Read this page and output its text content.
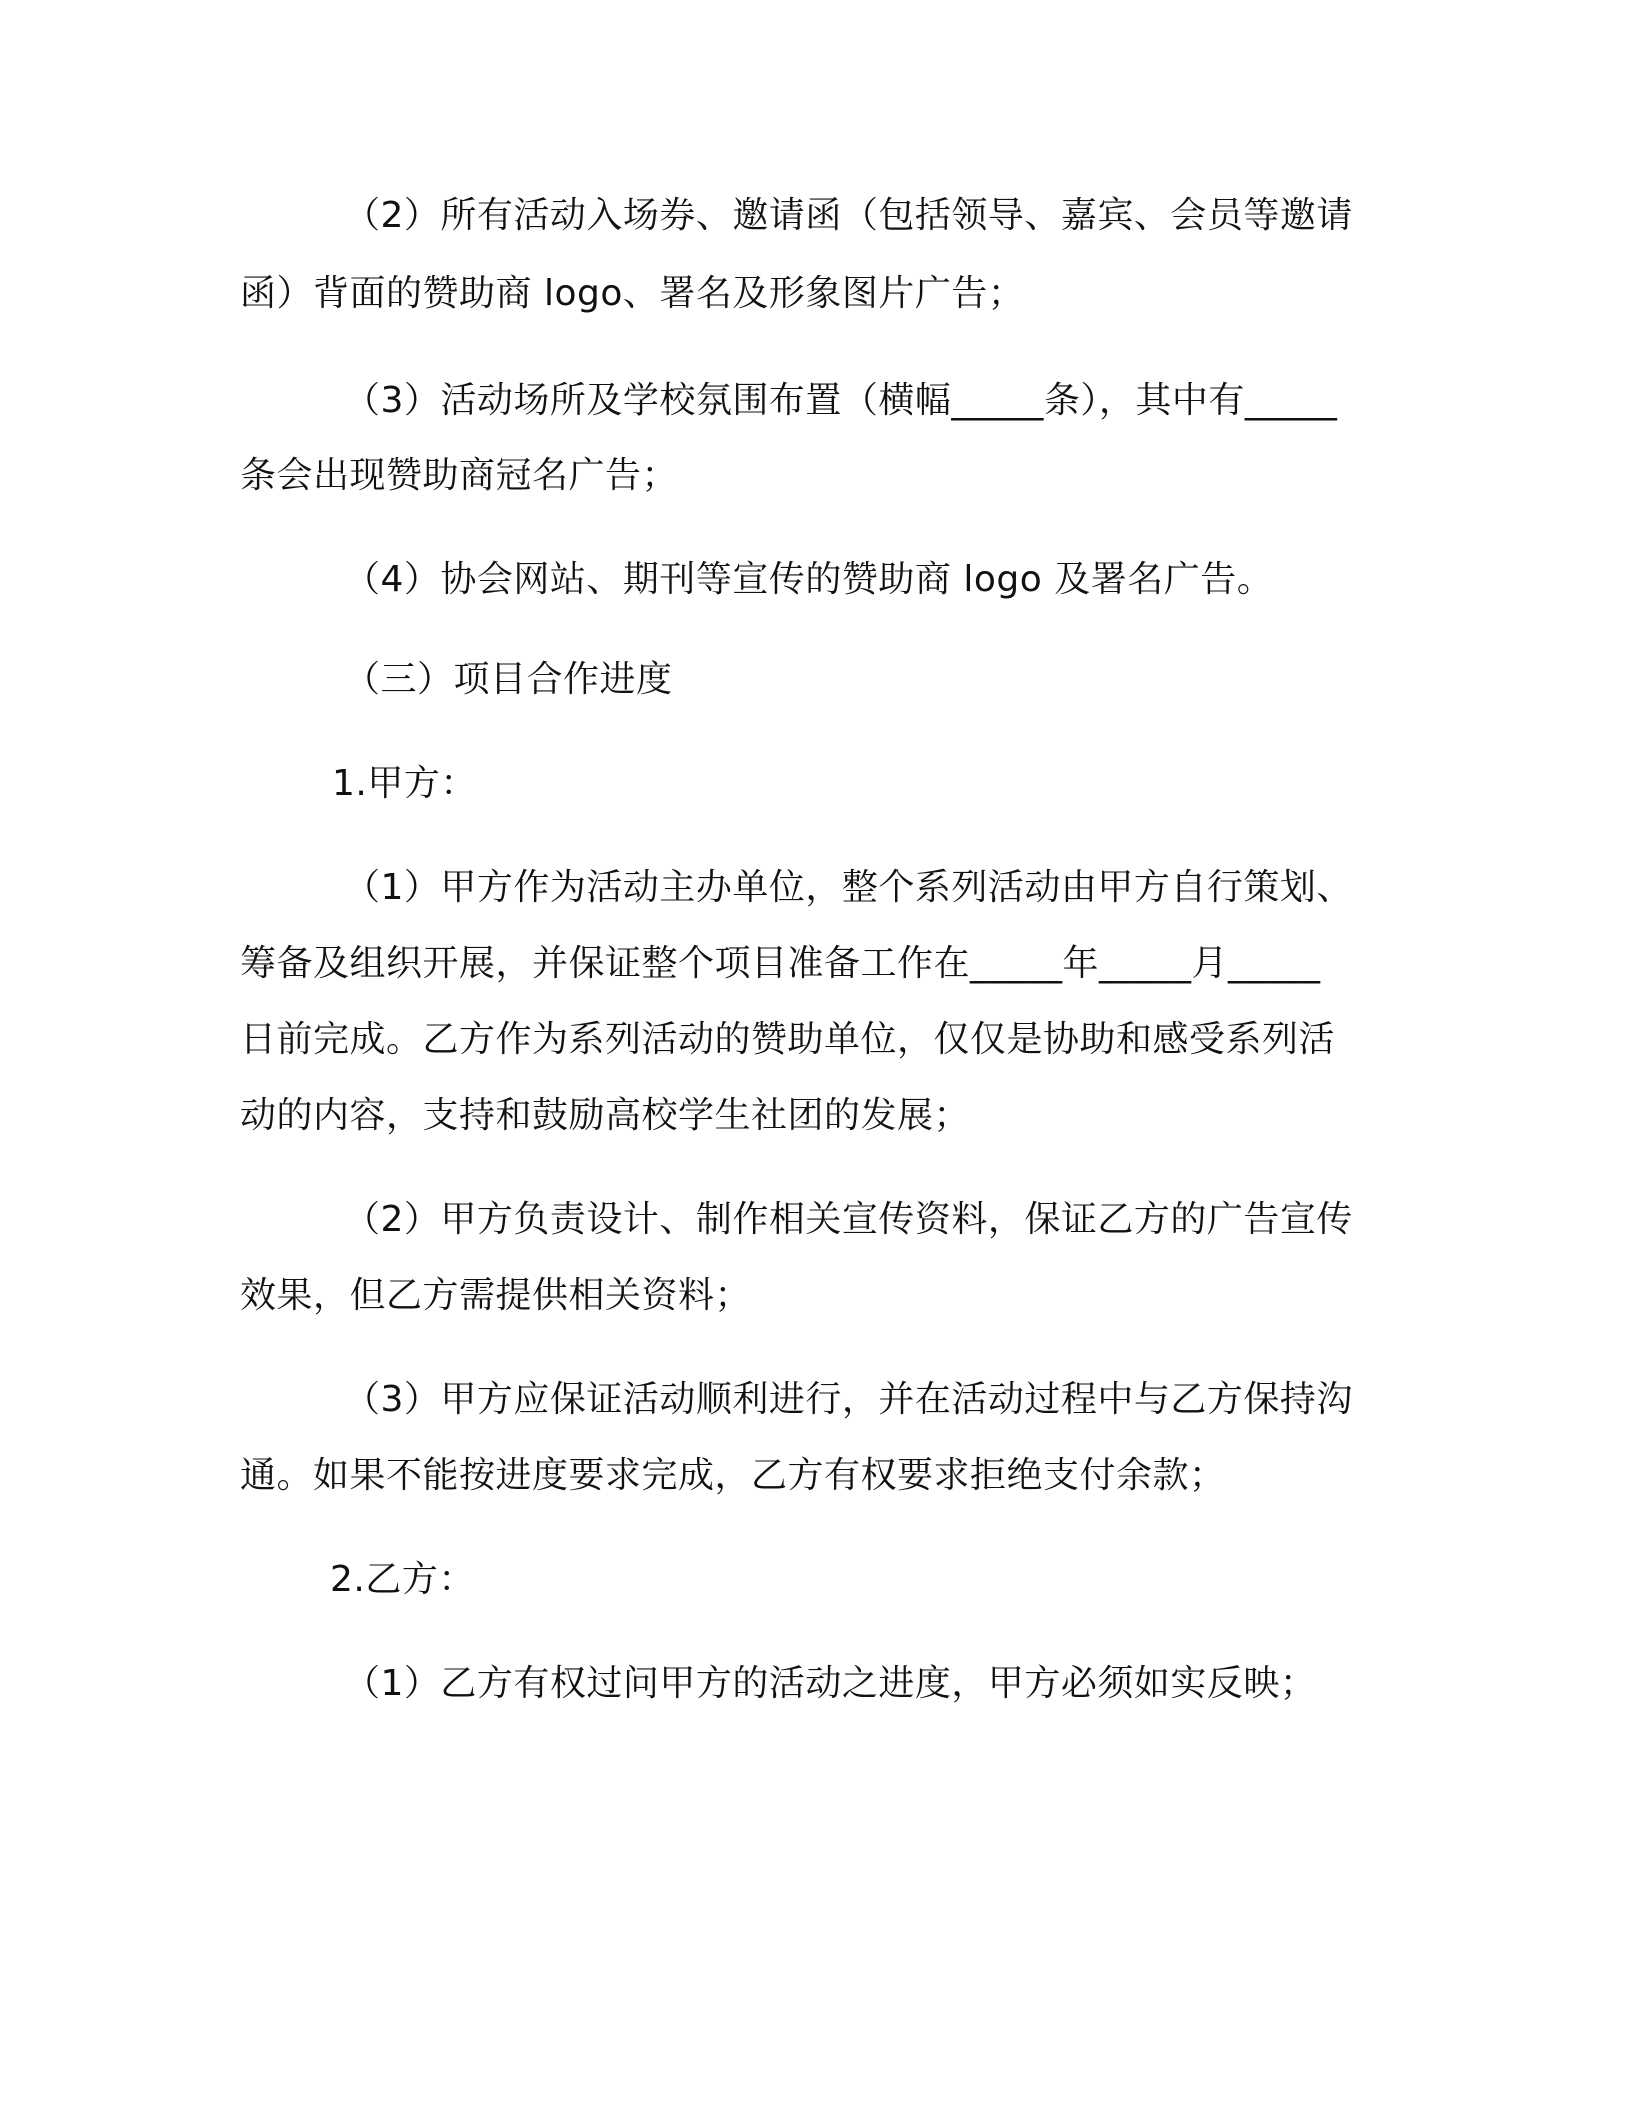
（2）所有活动入场券、邀请函（包括领导、嘉宾、会员等邀请
函）背面的赞助商 logo、署名及形象图片广告；
（3）活动场所及学校氛围布置（横幅_____条），其中有_____
条会出现赞助商冠名广告；
（4）协会网站、期刊等宣传的赞助商 logo 及署名广告。
（三）项目合作进度
1.甲方：
（1）甲方作为活动主办单位，整个系列活动由甲方自行策划、
筹备及组织开展，并保证整个项目准备工作在_____年_____月_____
日前完成。乙方作为系列活动的赞助单位，仅仅是协助和感受系列活
动的内容，支持和鼓励高校学生社团的发展；
（2）甲方负责设计、制作相关宣传资料，保证乙方的广告宣传
效果，但乙方需提供相关资料；
（3）甲方应保证活动顺利进行，并在活动过程中与乙方保持沟
通。如果不能按进度要求完成，乙方有权要求拒绝支付余款；
2.乙方：
（1）乙方有权过问甲方的活动之进度，甲方必须如实反映；
